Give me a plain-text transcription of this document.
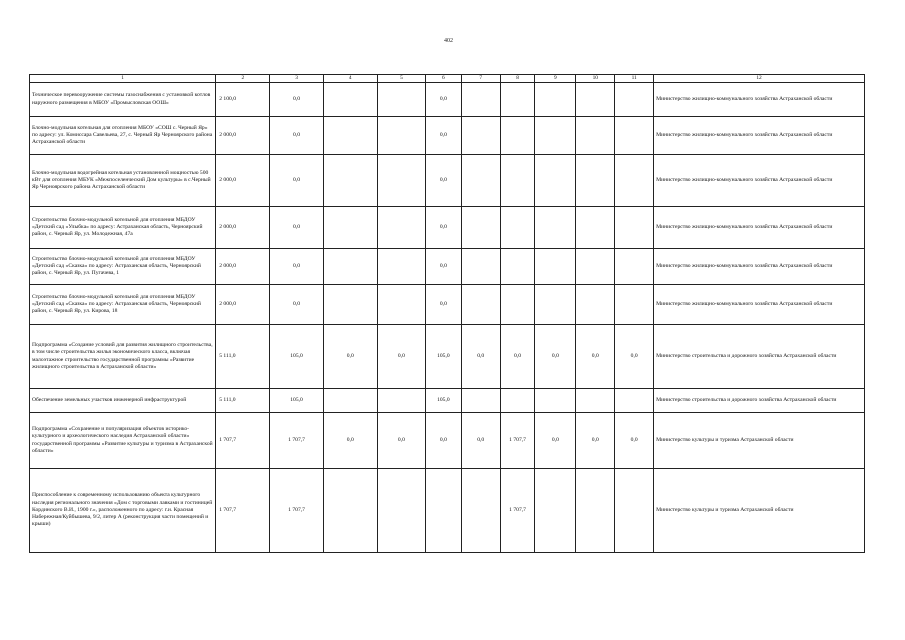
402
1	2	3	4	5	6	7	8	9	10	11	12
Техническое перевооружение системы газоснабжения с установкой котлов наружного размещения в МБОУ «Промысловская ООШ»	2 100,0	0,0			0,0						Министерство жилищно-коммунального хозяйства Астраханской области
Блочно-модульная котельная для отопления МБОУ «СОШ с. Черный Яр» по адресу: ул. Комиссара Савельева, 27, с. Черный Яр Черноярского района Астраханской области	2 000,0	0,0			0,0						Министерство жилищно-коммунального хозяйства Астраханской области
Блочно-модульная водогрейная котельная установленной мощностью 500 кВт для отопления МБУК «Межпоселенческий Дом культуры» в с.Черный Яр Черноярского района Астраханской области	2 000,0	0,0			0,0						Министерство жилищно-коммунального хозяйства Астраханской области
Строительство блочно-модульной котельной для отопления МБДОУ «Детский сад «Улыбка» по адресу: Астраханская область, Черноярский район, с. Черный Яр, ул. Молодежная, 47а	2 000,0	0,0			0,0						Министерство жилищно-коммунального хозяйства Астраханской области
Строительство блочно-модульной котельной для отопления МБДОУ «Детский сад «Сказка» по адресу: Астраханская область, Черноярский район, с. Черный Яр, ул. Пугачева, 1	2 000,0	0,0			0,0						Министерство жилищно-коммунального хозяйства Астраханской области
Строительство блочно-модульной котельной для отопления МБДОУ «Детский сад «Сказка» по адресу: Астраханская область, Черноярский район, с. Черный Яр, ул. Кирова, 18	2 000,0	0,0			0,0						Министерство жилищно-коммунального хозяйства Астраханской области
Подпрограмма «Создание условий для развития жилищного строительства, в том числе строительства жилья экономического класса, включая малоэтажное строительство государственной программы «Развитие жилищного строительства в Астраханской области»	5 111,0	105,0	0,0	0,0	105,0	0,0	0,0	0,0	0,0	0,0	Министерство строительства и дорожного хозяйства Астраханской области
Обеспечение земельных участков инженерной инфраструктурой	5 111,0	105,0			105,0						Министерство строительства и дорожного хозяйства Астраханской области
Подпрограмма «Сохранение и популяризация объектов историко-культурного и археологического наследия Астраханской области» государственной программы «Развитие культуры и туризма в Астраханской области»	1 707,7	1 707,7	0,0	0,0	0,0	0,0	1 707,7	0,0	0,0	0,0	Министерство культуры и туризма Астраханской области
Приспособление к современному использованию объекта культурного наследия регионального значения «Дом с торговыми лавками и гостиницей Кординского В.И., 1900 г.», расположенного по адресу: г.и. Красная Набережная/Куйбышева, 9/2, литер А (реконструкция части помещений и крыши)	1 707,7	1 707,7					1 707,7				Министерство культуры и туризма Астраханской области
